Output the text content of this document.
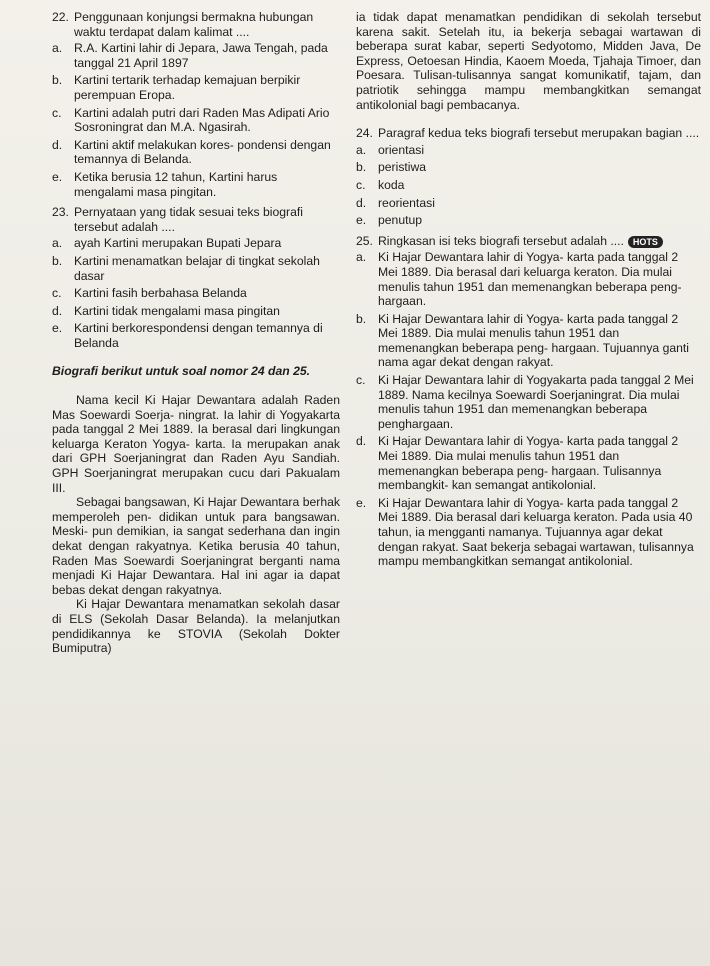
22. Penggunaan konjungsi bermakna hubungan waktu terdapat dalam kalimat ....
a. R.A. Kartini lahir di Jepara, Jawa Tengah, pada tanggal 21 April 1897
b. Kartini tertarik terhadap kemajuan berpikir perempuan Eropa.
c.	Kartini adalah putri dari Raden Mas Adipati Ario Sosroningrat dan M.A. Ngasirah.
d. Kartini aktif melakukan kores- pondensi dengan temannya di Belanda.
e. Ketika berusia 12 tahun, Kartini harus mengalami masa pingitan.
23. Pernyataan yang tidak sesuai teks biografi tersebut adalah ....
a. ayah Kartini merupakan Bupati Jepara
b. Kartini menamatkan belajar di tingkat sekolah dasar
c.	Kartini fasih berbahasa Belanda
d. Kartini tidak mengalami masa pingitan
e. Kartini berkorespondensi dengan temannya di Belanda
Biografi berikut untuk soal nomor 24 dan 25.

Nama kecil Ki Hajar Dewantara adalah Raden Mas Soewardi Soerja- ningrat. Ia lahir di Yogyakarta pada tanggal 2 Mei 1889. Ia berasal dari lingkungan keluarga Keraton Yogya- karta. Ia merupakan anak dari GPH Soerjaningrat dan Raden Ayu Sandiah. GPH Soerjaningrat merupakan cucu dari Pakualam III.

Sebagai bangsawan, Ki Hajar Dewantara berhak memperoleh pen- didikan untuk para bangsawan. Meski- pun demikian, ia sangat sederhana dan ingin dekat dengan rakyatnya. Ketika berusia 40 tahun, Raden Mas Soewardi Soerjaningrat berganti nama menjadi Ki Hajar Dewantara. Hal ini agar ia dapat bebas dekat dengan rakyatnya.

Ki Hajar Dewantara menamatkan sekolah dasar di ELS (Sekolah Dasar Belanda). Ia melanjutkan pendidikannya ke STOVIA (Sekolah Dokter Bumiputra)

ia tidak dapat menamatkan pendidikan di sekolah tersebut karena sakit. Setelah itu, ia bekerja sebagai wartawan di beberapa surat kabar, seperti Sedyotomo, Midden Java, De Express, Oetoesan Hindia, Kaoem Moeda, Tjahaja Timoer, dan Poesara. Tulisan-tulisannya sangat komunikatif, tajam, dan patriotik sehingga mampu membangkitkan semangat antikolonial bagi pembacanya.
24. Paragraf kedua teks biografi tersebut merupakan bagian ....
a. orientasi
b. peristiwa
c.	koda
d. reorientasi
e. penutup
25. Ringkasan isi teks biografi tersebut adalah .... HOTS
a. Ki Hajar Dewantara lahir di Yogya- karta pada tanggal 2 Mei 1889. Dia berasal dari keluarga keraton. Dia mulai menulis tahun 1951 dan memenangkan beberapa peng- hargaan.
b. Ki Hajar Dewantara lahir di Yogya- karta pada tanggal 2 Mei 1889. Dia mulai menulis tahun 1951 dan memenangkan beberapa peng- hargaan. Tujuannya ganti nama agar dekat dengan rakyat.
c.	Ki Hajar Dewantara lahir di Yogyakarta pada tanggal 2 Mei 1889. Nama kecilnya Soewardi Soerjaningrat. Dia mulai menulis tahun 1951 dan memenangkan beberapa penghargaan.
d. Ki Hajar Dewantara lahir di Yogya- karta pada tanggal 2 Mei 1889. Dia mulai menulis tahun 1951 dan memenangkan beberapa peng- hargaan. Tulisannya membangkit- kan semangat antikolonial.
e. Ki Hajar Dewantara lahir di Yogya- karta pada tanggal 2 Mei 1889. Dia berasal dari keluarga keraton. Pada usia 40 tahun, ia mengganti namanya. Tujuannya agar dekat dengan rakyat. Saat bekerja sebagai wartawan, tulisannya mampu membangkitkan semangat antikolonial.
